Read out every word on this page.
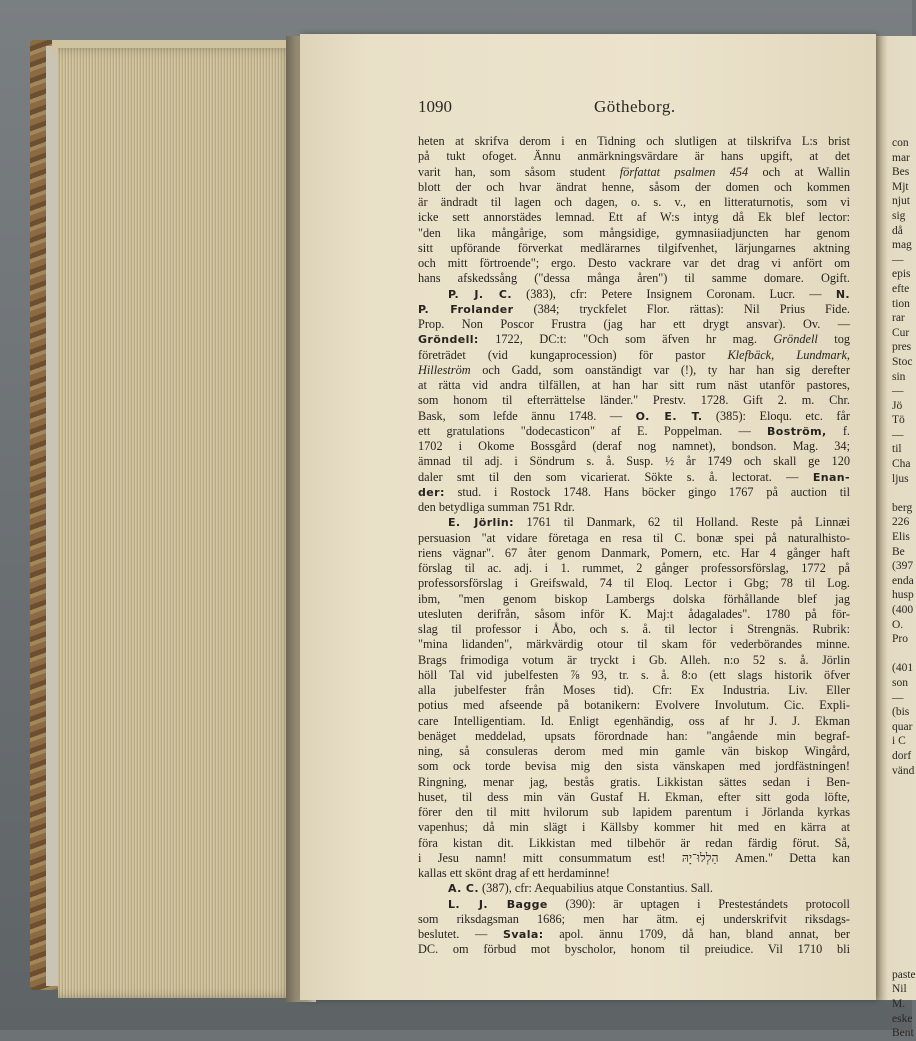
con
mar
Bes
Mjt
njut
sig
då
mag
—
epis
efte
tion
rar
Cur
pres
Stoc
sin
—
Jö
Tö
—
til
Cha
ljus

berg
226
Elis
Be
(397
enda
husp
(400
O.
Pro

(401
son
—
(bis
quar
i C
dorf
vänd

paste
Nil
M.
eske
Bent
1090	Götheborg.
heten at skrifva derom i en Tidning och slutligen at tilskrifva L:s brist
på tukt ofoget. Ännu anmärkningsvärdare är hans upgift, at det
varit han, som såsom student författat psalmen 454 och at Wallin
blott der och hvar ändrat henne, såsom der domen och kommen
är ändradt til lagen och dagen, o. s. v., en litteraturnotis, som vi
icke sett annorstädes lemnad. Ett af W:s intyg då Ek blef lector:
"den lika mångårige, som mångsidige, gymnasiiadjuncten har genom
sitt upförande förverkat medlärarnes tilgifvenhet, lärjungarnes aktning
och mitt förtroende"; ergo. Desto vackrare var det drag vi anfört om
hans afskedssång ("dessa många åren") til samme domare. Ogift.
P. J. C. (383), cfr: Petere Insignem Coronam. Lucr. — N.
P. Frolander (384; tryckfelet Flor. rättas): Nil Prius Fide.
Prop. Non Poscor Frustra (jag har ett drygt ansvar). Ov. —
Gröndell: 1722, DC:t: "Och som äfven hr mag. Gröndell tog
företrädet (vid kungaprocession) för pastor Klefbäck, Lundmark,
Hilleström och Gadd, som oanständigt var (!), ty har han sig derefter
at rätta vid andra tilfällen, at han har sitt rum näst utanför pastores,
som honom til efterrättelse länder." Prestv. 1728. Gift 2. m. Chr.
Bask, som lefde ännu 1748. — O. E. T. (385): Eloqu. etc. får
ett gratulations "dodecasticon" af E. Poppelman. — Boström, f.
1702 i Okome Bossgård (deraf nog namnet), bondson. Mag. 34;
ämnad til adj. i Söndrum s. å. Susp. ½ år 1749 och skall ge 120
daler smt til den som vicarierat. Sökte s. å. lectorat. — Enan-
der: stud. i Rostock 1748. Hans böcker gingo 1767 på auction til
den betydliga summan 751 Rdr.
E. Jörlin: 1761 til Danmark, 62 til Holland. Reste på Linnæi
persuasion "at vidare företaga en resa til C. bonæ spei på naturalhisto-
riens vägnar". 67 åter genom Danmark, Pomern, etc. Har 4 gånger haft
förslag til ac. adj. i 1. rummet, 2 gånger professorsförslag, 1772 på
professorsförslag i Greifswald, 74 til Eloq. Lector i Gbg; 78 til Log.
ibm, "men genom biskop Lambergs dolska förhållande blef jag
utesluten derifrån, såsom inför K. Maj:t ådagalades". 1780 på för-
slag til professor i Åbo, och s. å. til lector i Strengnäs. Rubrik:
"mina lidanden", märkvärdig otour til skam för vederbörandes minne.
Brags frimodiga votum är tryckt i Gb. Alleh. n:o 52 s. å. Jörlin
höll Tal vid jubelfesten ⅞ 93, tr. s. å. 8:o (ett slags historik öfver
alla jubelfester från Moses tid). Cfr: Ex Industria. Liv. Eller
potius med afseende på botanikern: Evolvere Involutum. Cic. Expli-
care Intelligentiam. Id. Enligt egenhändig, oss af hr J. J. Ekman
benäget meddelad, upsats förordnade han: "angående min begraf-
ning, så consuleras derom med min gamle vän biskop Wingård,
som ock torde bevisa mig den sista vänskapen med jordfästningen!
Ringning, menar jag, bestås gratis. Likkistan sättes sedan i Ben-
huset, til dess min vän Gustaf H. Ekman, efter sitt goda löfte,
förer den til mitt hvilorum sub lapidem parentum i Jörlanda kyrkas
vapenhus; då min slägt i Källsby kommer hit med en kärra at
föra kistan dit. Likkistan med tilbehör är redan färdig förut. Så,
i Jesu namn! mitt consummatum est! הַלְלוּ־יָהּ Amen." Detta kan
kallas ett skönt drag af ett herdaminne!
A. C. (387), cfr: Aequabilius atque Constantius. Sall.
L. J. Bagge (390): är uptagen i Prestestándets protocoll
som riksdagsman 1686; men har ätm. ej underskrifvit riksdags-
beslutet. — Svala: apol. ännu 1709, då han, bland annat, ber
DC. om förbud mot byscholor, honom til preiudice. Vil 1710 bli
